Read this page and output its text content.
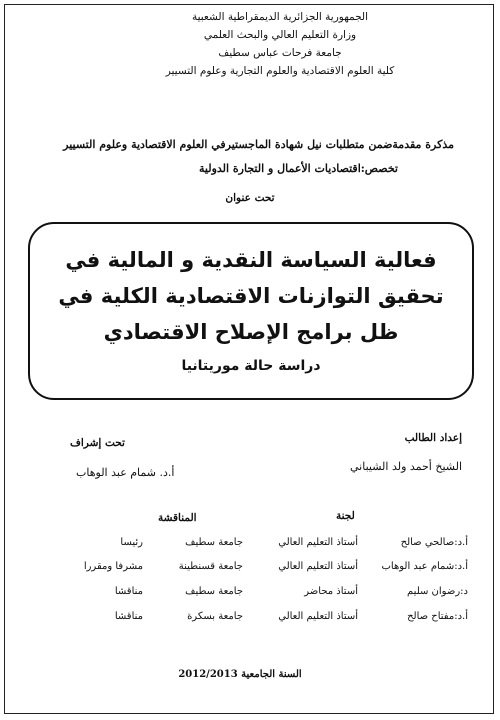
الجمهورية الجزائرية الديمقراطية الشعبية
وزارة التعليم العالي والبحث العلمي
جامعة فرحات عباس سطيف
كلية العلوم الاقتصادية والعلوم التجارية وعلوم التسيير
مذكرة مقدمةضمن متطلبات نيل شهادة الماجستيرفي العلوم الاقتصادية وعلوم التسيير
تخصص:اقتصاديات الأعمال و التجارة الدولية
تحت عنوان
فعالية السياسة النقدية و المالية في تحقيق التوازنات الاقتصادية الكلية في ظل برامج الإصلاح الاقتصادي
دراسة حالة موريتانيا
إعداد الطالب
الشيخ أحمد ولد الشيباني
تحت إشراف
أ.د. شمام عبد الوهاب
لجنة
المناقشة
أ.د:صالحي صالح
أستاذ التعليم العالي
جامعة سطيف
رئيسا
أ.د:شمام عبد الوهاب
أستاذ التعليم العالي
جامعة قسنطينة
مشرفا ومقررا
د:رضوان سليم
أستاذ محاضر
جامعة سطيف
مناقشا
أ.د:مفتاح صالح
أستاذ التعليم العالي
جامعة بسكرة
مناقشا
السنة الجامعية 2012/2013
